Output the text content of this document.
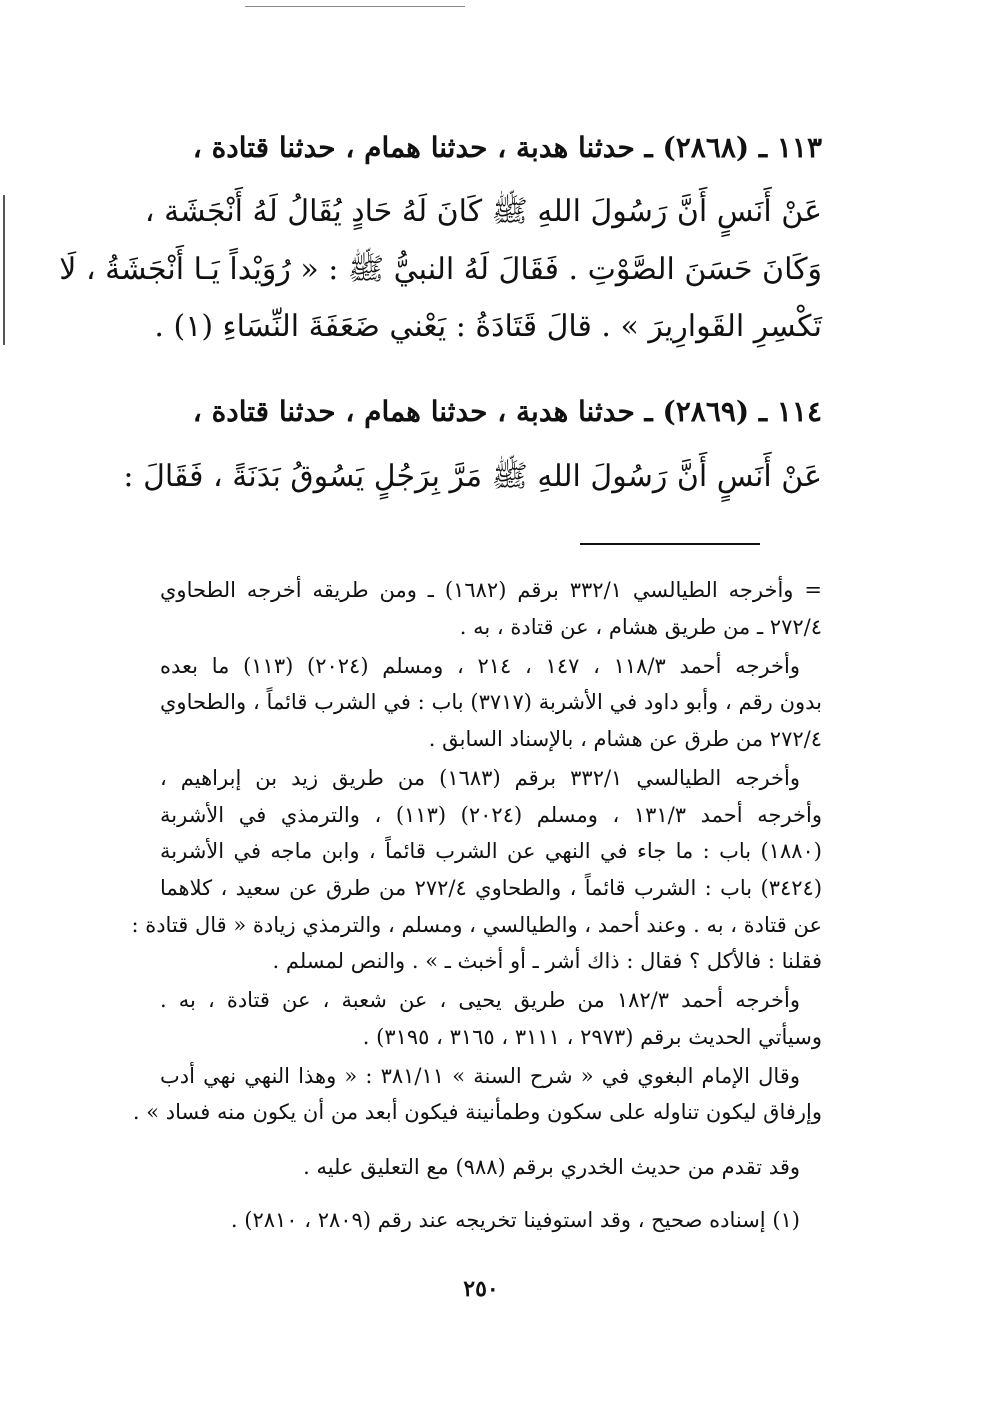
١١٣ ـ (٢٨٦٨) ـ حدثنا هدبة ، حدثنا همام ، حدثنا قتادة ،
عَنْ أَنَسٍ أَنَّ رَسُولَ اللهِ ﷺ كَانَ لَهُ حَادٍ يُقَالُ لَهُ أَنْجَشَة ،
وَكَانَ حَسَنَ الصَّوْتِ . فَقَالَ لَهُ النبيُّ ﷺ : « رُوَيْداً يَـا أَنْجَشَةُ ، لَا
تَكْسِرِ القَوارِيرَ » . قالَ قَتَادَةُ : يَعْني ضَعَفَةَ النِّسَاءِ (١) .
١١٤ ـ (٢٨٦٩) ـ حدثنا هدبة ، حدثنا همام ، حدثنا قتادة ،
عَنْ أَنَسٍ أَنَّ رَسُولَ اللهِ ﷺ مَرَّ بِرَجُلٍ يَسُوقُ بَدَنَةً ، فَقَالَ :
= وأخرجه الطيالسي ٣٣٢/١ برقم (١٦٨٢) ـ ومن طريقه أخرجه الطحاوي
٢٧٢/٤ ـ من طريق هشام ، عن قتادة ، به .
وأخرجه أحمد ١١٨/٣ ، ١٤٧ ، ٢١٤ ، ومسلم (٢٠٢٤) (١١٣) ما بعده
بدون رقم ، وأبو داود في الأشربة (٣٧١٧) باب : في الشرب قائماً ، والطحاوي
٢٧٢/٤ من طرق عن هشام ، بالإسناد السابق .
وأخرجه الطيالسي ٣٣٢/١ برقم (١٦٨٣) من طريق زيد بن إبراهيم ،
وأخرجه أحمد ١٣١/٣ ، ومسلم (٢٠٢٤) (١١٣) ، والترمذي في الأشربة
(١٨٨٠) باب : ما جاء في النهي عن الشرب قائماً ، وابن ماجه في الأشربة
(٣٤٢٤) باب : الشرب قائماً ، والطحاوي ٢٧٢/٤ من طرق عن سعيد ، كلاهما
عن قتادة ، به . وعند أحمد ، والطيالسي ، ومسلم ، والترمذي زيادة « قال قتادة :
فقلنا : فالأكل ؟ فقال : ذاك أشر ـ أو أخبث ـ » . والنص لمسلم .
وأخرجه أحمد ١٨٢/٣ من طريق يحيى ، عن شعبة ، عن قتادة ، به .
وسيأتي الحديث برقم (٢٩٧٣ ، ٣١١١ ، ٣١٦٥ ، ٣١٩٥) .
وقال الإمام البغوي في « شرح السنة » ٣٨١/١١ : « وهذا النهي نهي أدب
وإرفاق ليكون تناوله على سكون وطمأنينة فيكون أبعد من أن يكون منه فساد » .
وقد تقدم من حديث الخدري برقم (٩٨٨) مع التعليق عليه .
(١) إسناده صحيح ، وقد استوفينا تخريجه عند رقم (٢٨٠٩ ، ٢٨١٠) .
٢٥٠
